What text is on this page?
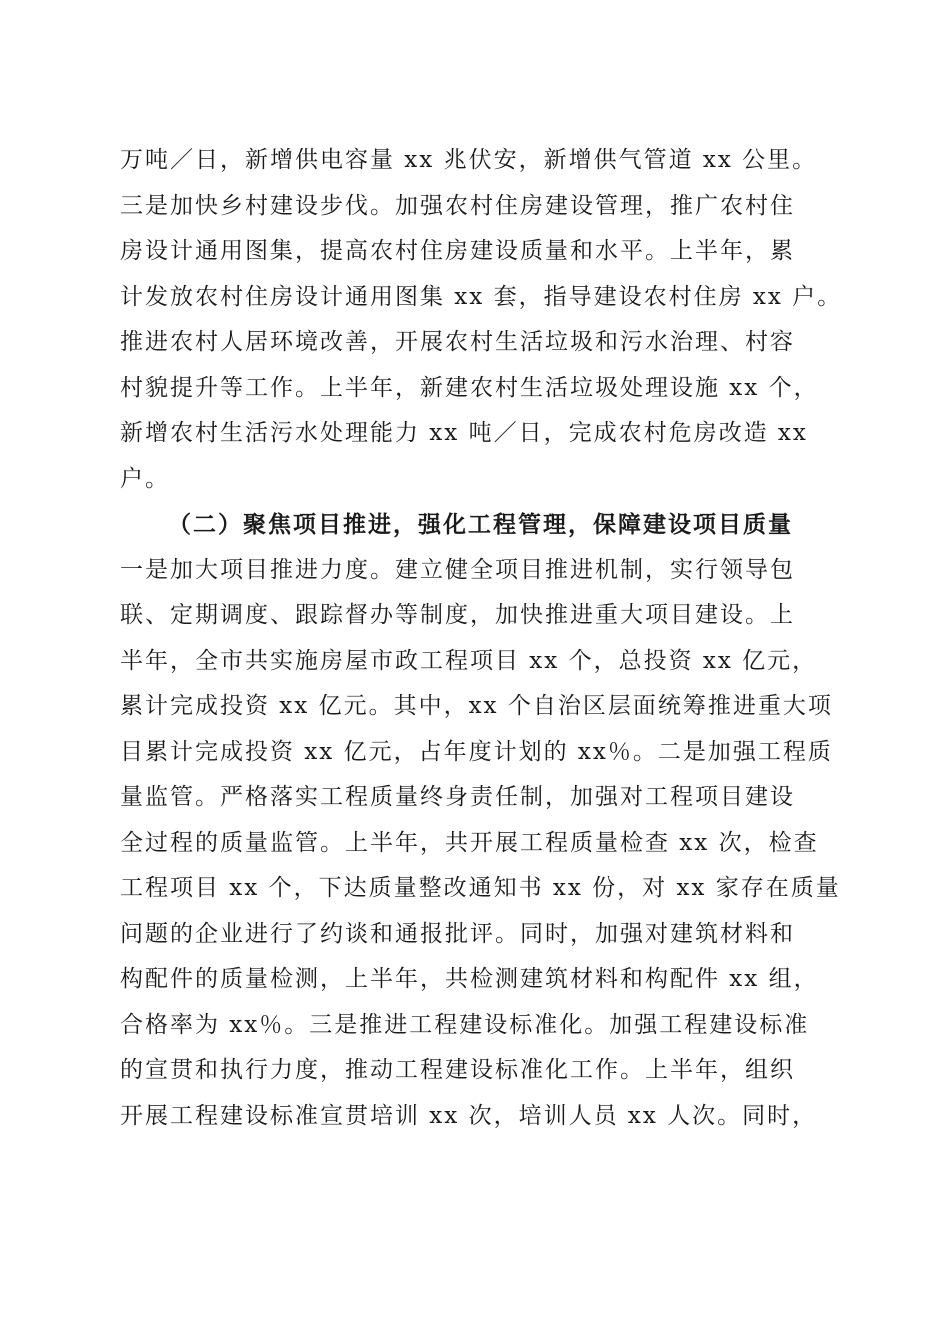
万吨／日，新增供电容量 xx 兆伏安，新增供气管道 xx 公里。
三是加快乡村建设步伐。加强农村住房建设管理，推广农村住
房设计通用图集，提高农村住房建设质量和水平。上半年，累
计发放农村住房设计通用图集 xx 套，指导建设农村住房 xx 户。
推进农村人居环境改善，开展农村生活垃圾和污水治理、村容
村貌提升等工作。上半年，新建农村生活垃圾处理设施 xx 个，
新增农村生活污水处理能力 xx 吨／日，完成农村危房改造 xx
户。
（二）聚焦项目推进，强化工程管理，保障建设项目质量
一是加大项目推进力度。建立健全项目推进机制，实行领导包
联、定期调度、跟踪督办等制度，加快推进重大项目建设。上
半年，全市共实施房屋市政工程项目 xx 个，总投资 xx 亿元，
累计完成投资 xx 亿元。其中，xx 个自治区层面统筹推进重大项
目累计完成投资 xx 亿元，占年度计划的 xx％。二是加强工程质
量监管。严格落实工程质量终身责任制，加强对工程项目建设
全过程的质量监管。上半年，共开展工程质量检查 xx 次，检查
工程项目 xx 个，下达质量整改通知书 xx 份，对 xx 家存在质量
问题的企业进行了约谈和通报批评。同时，加强对建筑材料和
构配件的质量检测，上半年，共检测建筑材料和构配件 xx 组，
合格率为 xx％。三是推进工程建设标准化。加强工程建设标准
的宣贯和执行力度，推动工程建设标准化工作。上半年，组织
开展工程建设标准宣贯培训 xx 次，培训人员 xx 人次。同时，
